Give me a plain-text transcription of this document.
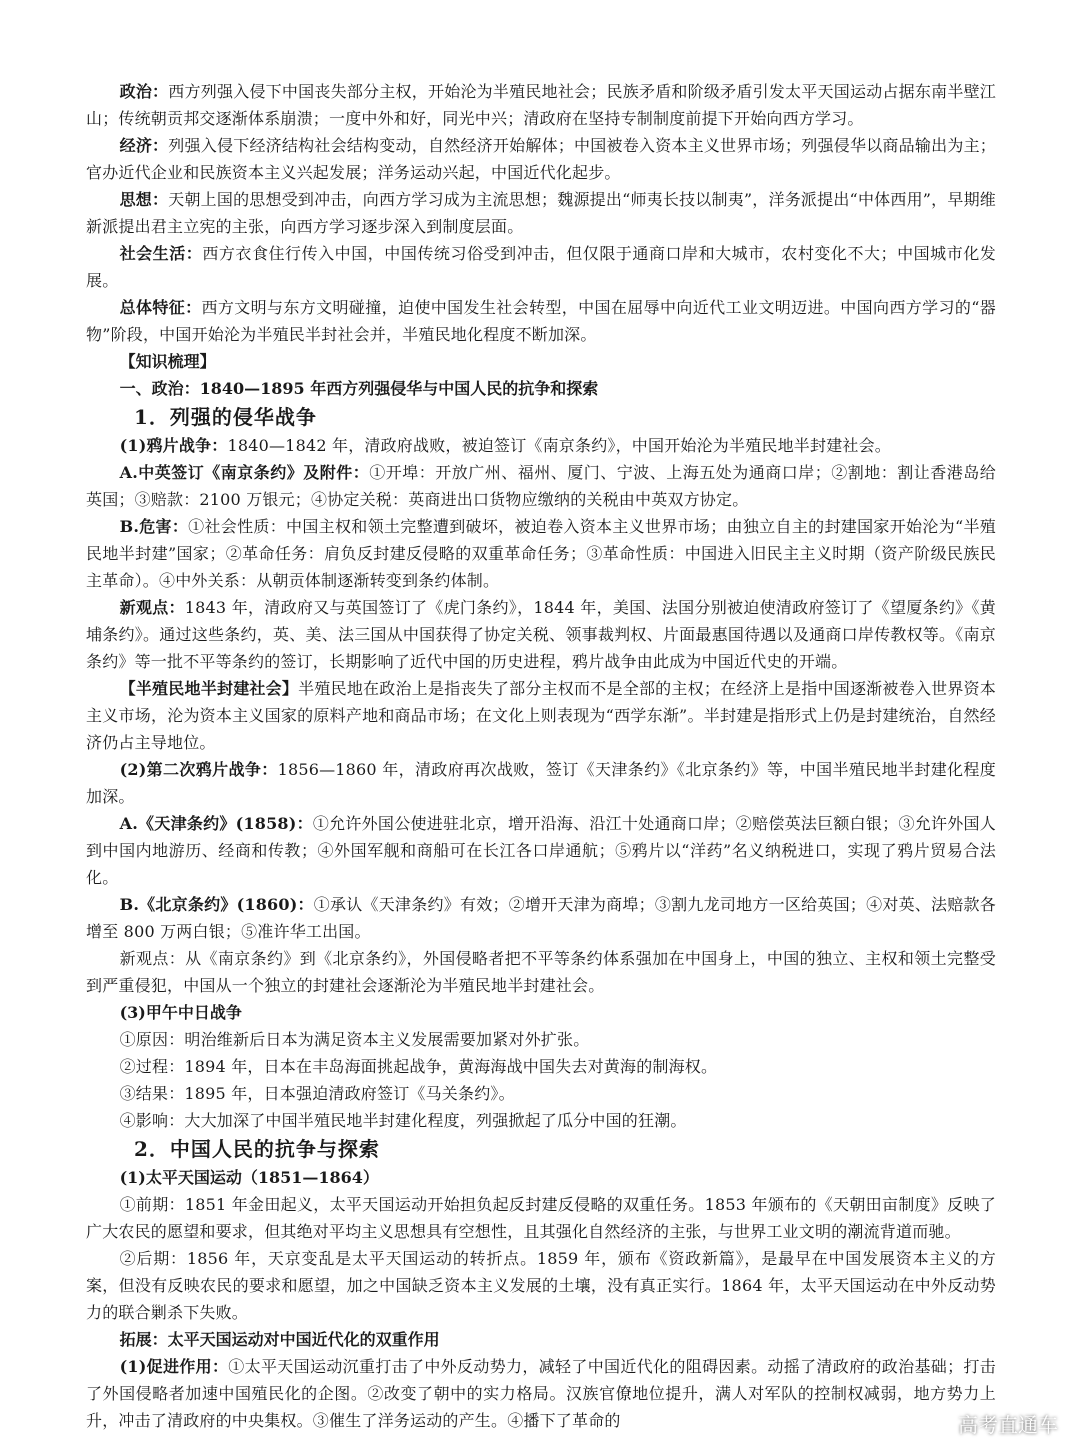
政治：西方列强入侵下中国丧失部分主权，开始沦为半殖民地社会；民族矛盾和阶级矛盾引发太平天国运动占据东南半壁江山；传统朝贡邦交逐渐体系崩溃；一度中外和好，同光中兴；清政府在坚持专制制度前提下开始向西方学习。

经济：列强入侵下经济结构社会结构变动，自然经济开始解体；中国被卷入资本主义世界市场；列强侵华以商品输出为主；官办近代企业和民族资本主义兴起发展；洋务运动兴起，中国近代化起步。

思想：天朝上国的思想受到冲击，向西方学习成为主流思想；魏源提出“师夷长技以制夷”，洋务派提出“中体西用”，早期维新派提出君主立宪的主张，向西方学习逐步深入到制度层面。

社会生活：西方衣食住行传入中国，中国传统习俗受到冲击，但仅限于通商口岸和大城市，农村变化不大；中国城市化发展。

总体特征：西方文明与东方文明碰撞，迫使中国发生社会转型，中国在屈辱中向近代工业文明迈进。中国向西方学习的“器物”阶段，中国开始沦为半殖民半封社会并，半殖民地化程度不断加深。

【知识梳理】

一、政治：1840—1895 年西方列强侵华与中国人民的抗争和探索

1．列强的侵华战争

(1)鸦片战争：1840—1842 年，清政府战败，被迫签订《南京条约》，中国开始沦为半殖民地半封建社会。

A.中英签订《南京条约》及附件：①开埠：开放广州、福州、厦门、宁波、上海五处为通商口岸；②割地：割让香港岛给英国；③赔款：2100 万银元；④协定关税：英商进出口货物应缴纳的关税由中英双方协定。

B.危害：①社会性质：中国主权和领土完整遭到破坏，被迫卷入资本主义世界市场；由独立自主的封建国家开始沦为“半殖民地半封建”国家；②革命任务：肩负反封建反侵略的双重革命任务；③革命性质：中国进入旧民主主义时期（资产阶级民族民主革命）。④中外关系：从朝贡体制逐渐转变到条约体制。

新观点：1843 年，清政府又与英国签订了《虎门条约》，1844 年，美国、法国分别被迫使清政府签订了《望厦条约》《黄埔条约》。通过这些条约，英、美、法三国从中国获得了协定关税、领事裁判权、片面最惠国待遇以及通商口岸传教权等。《南京条约》等一批不平等条约的签订，长期影响了近代中国的历史进程，鸦片战争由此成为中国近代史的开端。

【半殖民地半封建社会】半殖民地在政治上是指丧失了部分主权而不是全部的主权；在经济上是指中国逐渐被卷入世界资本主义市场，沦为资本主义国家的原料产地和商品市场；在文化上则表现为“西学东渐”。半封建是指形式上仍是封建统治，自然经济仍占主导地位。

(2)第二次鸦片战争：1856—1860 年，清政府再次战败，签订《天津条约》《北京条约》等，中国半殖民地半封建化程度加深。

A.《天津条约》(1858)：①允许外国公使进驻北京，增开沿海、沿江十处通商口岸；②赔偿英法巨额白银；③允许外国人到中国内地游历、经商和传教；④外国军舰和商船可在长江各口岸通航；⑤鸦片以“洋药”名义纳税进口，实现了鸦片贸易合法化。

B.《北京条约》(1860)：①承认《天津条约》有效；②增开天津为商埠；③割九龙司地方一区给英国；④对英、法赔款各增至 800 万两白银；⑤准许华工出国。

新观点：从《南京条约》到《北京条约》，外国侵略者把不平等条约体系强加在中国身上，中国的独立、主权和领土完整受到严重侵犯，中国从一个独立的封建社会逐渐沦为半殖民地半封建社会。

(3)甲午中日战争

①原因：明治维新后日本为满足资本主义发展需要加紧对外扩张。

②过程：1894 年，日本在丰岛海面挑起战争，黄海海战中国失去对黄海的制海权。

③结果：1895 年，日本强迫清政府签订《马关条约》。

④影响：大大加深了中国半殖民地半封建化程度，列强掀起了瓜分中国的狂潮。

2．中国人民的抗争与探索

(1)太平天国运动（1851—1864）

①前期：1851 年金田起义，太平天国运动开始担负起反封建反侵略的双重任务。1853 年颁布的《天朝田亩制度》反映了广大农民的愿望和要求，但其绝对平均主义思想具有空想性，且其强化自然经济的主张，与世界工业文明的潮流背道而驰。

②后期：1856 年，天京变乱是太平天国运动的转折点。1859 年，颁布《资政新篇》，是最早在中国发展资本主义的方案，但没有反映农民的要求和愿望，加之中国缺乏资本主义发展的土壤，没有真正实行。1864 年，太平天国运动在中外反动势力的联合剿杀下失败。

拓展：太平天国运动对中国近代化的双重作用

(1)促进作用：①太平天国运动沉重打击了中外反动势力，减轻了中国近代化的阻碍因素。动摇了清政府的政治基础；打击了外国侵略者加速中国殖民化的企图。②改变了朝中的实力格局。汉族官僚地位提升，满人对军队的控制权减弱，地方势力上升，冲击了清政府的中央集权。③催生了洋务运动的产生。④播下了革命的	高考直通车
